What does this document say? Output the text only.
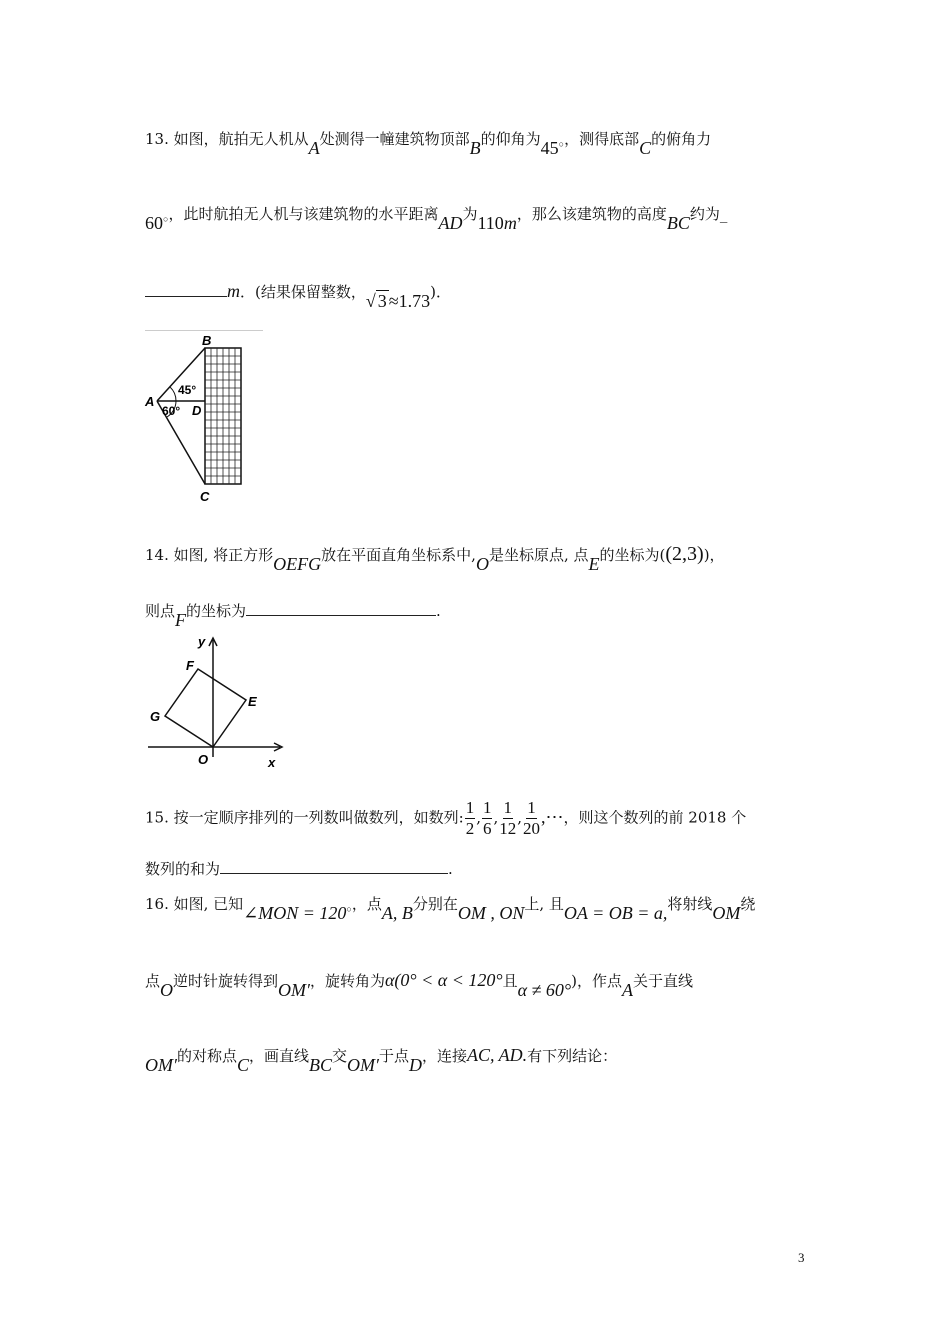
13. 如图，航拍无人机从A处测得一幢建筑物顶部B的仰角为45○，测得底部C的俯角力
60○，此时航拍无人机与该建筑物的水平距离AD为110m，那么该建筑物的高度BC约为_
m．(结果保留整数，√ 3 ≈1.73)．
B
A
D
C
45°
60°
14. 如图, 将正方形OEFG放在平面直角坐标系中,O是坐标原点, 点E的坐标为((2,3))，
则点F的坐标为	.
y
x
F
E
G
O
15. 按一定顺序排列的一列数叫做数列，如数列: $\frac{1}{2}$ , $\frac{1}{6}$ , $\frac{1}{12}$ , $\frac{1}{20}$ ,⋯，则这个数列的前 2018 个
数列的和为	.
16. 如图, 已知∠MON = 120○，点A, B分别在OM , ON上, 且OA = OB = a,将射线OM绕
点O逆时针旋转得到OM′，旋转角为α(0° < α < 120°且α ≠ 60°)，作点A关于直线
OM′的对称点C，画直线BC交OM′于点D，连接AC, AD.有下列结论：
3
